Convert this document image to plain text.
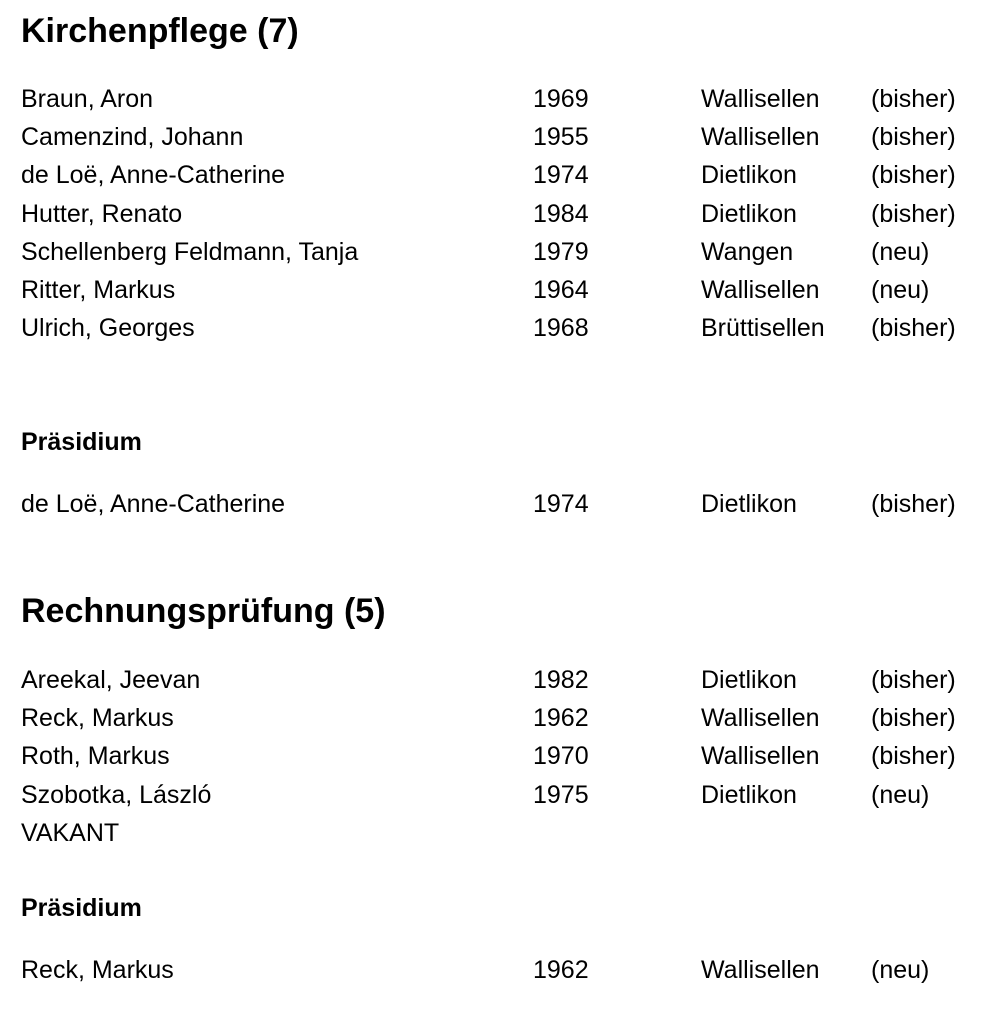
Kirchenpflege (7)
Braun, Aron	1969	Wallisellen (bisher)
Camenzind, Johann	1955	Wallisellen (bisher)
de Loë, Anne-Catherine	1974	Dietlikon	(bisher)
Hutter, Renato	1984	Dietlikon	(bisher)
Schellenberg Feldmann, Tanja	1979	Wangen	(neu)
Ritter, Markus	1964	Wallisellen (neu)
Ulrich, Georges	1968	Brüttisellen (bisher)
Präsidium
de Loë, Anne-Catherine	1974	Dietlikon	(bisher)
Rechnungsprüfung (5)
Areekal, Jeevan	1982	Dietlikon	(bisher)
Reck, Markus	1962	Wallisellen (bisher)
Roth, Markus	1970	Wallisellen (bisher)
Szobotka, László	1975	Dietlikon	(neu)
VAKANT
Präsidium
Reck, Markus	1962	Wallisellen (neu)
